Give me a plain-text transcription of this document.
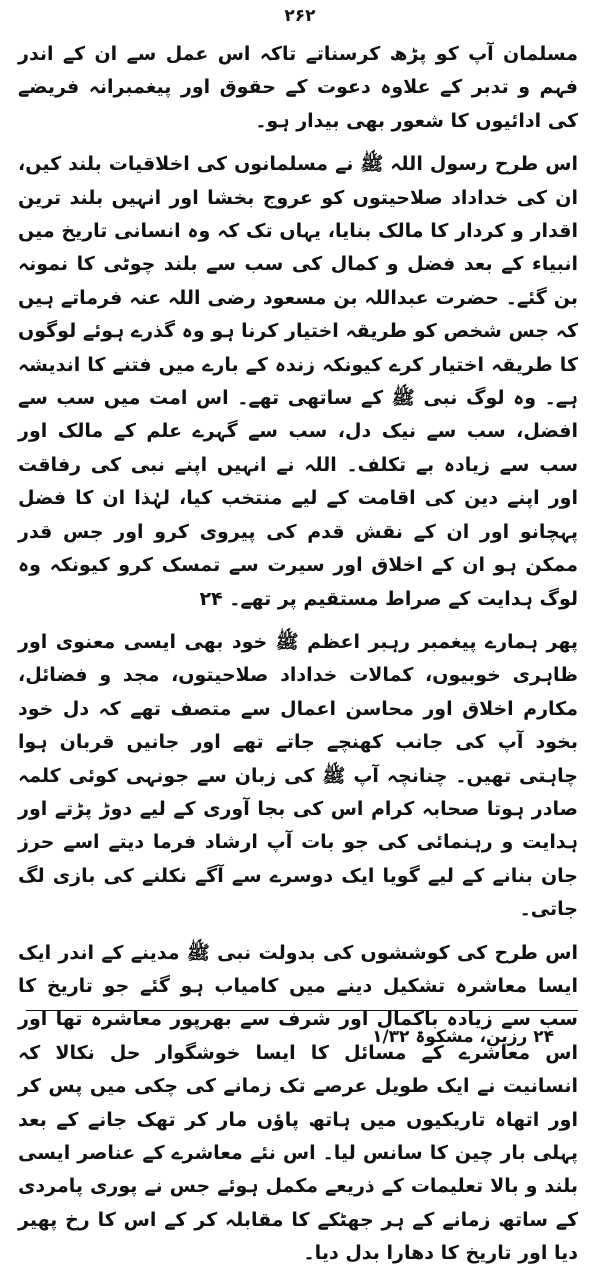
۲۶۲

مسلمان آپ کو پڑھ کرسناتے تاکہ اس عمل سے ان کے اندر فہم و تدبر کے علاوہ دعوت کے حقوق اور پیغمبرانہ فریضے کی ادائیوں کا شعور بھی بیدار ہو۔

اس طرح رسول اللہ ﷺ نے مسلمانوں کی اخلاقیات بلند کیں، ان کی خداداد صلاحیتوں کو عروج بخشا اور انہیں بلند ترین اقدار و کردار کا مالک بنایا، یہاں تک کہ وہ انسانی تاریخ میں انبیاء کے بعد فضل و کمال کی سب سے بلند چوٹی کا نمونہ بن گئے۔ حضرت عبداللہ بن مسعود رضی اللہ عنہ فرماتے ہیں کہ جس شخص کو طریقہ اختیار کرنا ہو وہ گذرے ہوئے لوگوں کا طریقہ اختیار کرے کیونکہ زندہ کے بارے میں فتنے کا اندیشہ ہے۔ وہ لوگ نبی ﷺ کے ساتھی تھے۔ اس امت میں سب سے افضل، سب سے نیک دل، سب سے گہرے علم کے مالک اور سب سے زیادہ بے تکلف۔ اللہ نے انہیں اپنے نبی کی رفاقت اور اپنے دین کی اقامت کے لیے منتخب کیا، لہٰذا ان کا فضل پہچانو اور ان کے نقش قدم کی پیروی کرو اور جس قدر ممکن ہو ان کے اخلاق اور سیرت سے تمسک کرو کیونکہ وہ لوگ ہدایت کے صراط مستقیم پر تھے۔ ۲۴

پھر ہمارے پیغمبر رہبر اعظم ﷺ خود بھی ایسی معنوی اور ظاہری خوبیوں، کمالات خداداد صلاحیتوں، مجد و فضائل، مکارم اخلاق اور محاسن اعمال سے متصف تھے کہ دل خود بخود آپ کی جانب کھنچے جاتے تھے اور جانیں قربان ہوا چاہتی تھیں۔ چنانچہ آپ ﷺ کی زبان سے جونہی کوئی کلمہ صادر ہوتا صحابہ کرام اس کی بجا آوری کے لیے دوڑ پڑتے اور ہدایت و رہنمائی کی جو بات آپ ارشاد فرما دیتے اسے حرز جان بنانے کے لیے گویا ایک دوسرے سے آگے نکلنے کی بازی لگ جاتی۔

اس طرح کی کوششوں کی بدولت نبی ﷺ مدینے کے اندر ایک ایسا معاشرہ تشکیل دینے میں کامیاب ہو گئے جو تاریخ کا سب سے زیادہ باکمال اور شرف سے بھرپور معاشرہ تھا اور اس معاشرے کے مسائل کا ایسا خوشگوار حل نکالا کہ انسانیت نے ایک طویل عرصے تک زمانے کی چکی میں پس کر اور اتھاہ تاریکیوں میں ہاتھ پاؤں مار کر تھک جانے کے بعد پہلی بار چین کا سانس لیا۔ اس نئے معاشرے کے عناصر ایسی بلند و بالا تعلیمات کے ذریعے مکمل ہوئے جس نے پوری پامردی کے ساتھ زمانے کے ہر جھٹکے کا مقابلہ کر کے اس کا رخ پھیر دیا اور تاریخ کا دھارا بدل دیا۔

۲۴ رزین، مشکوۃ ۱/۳۲
